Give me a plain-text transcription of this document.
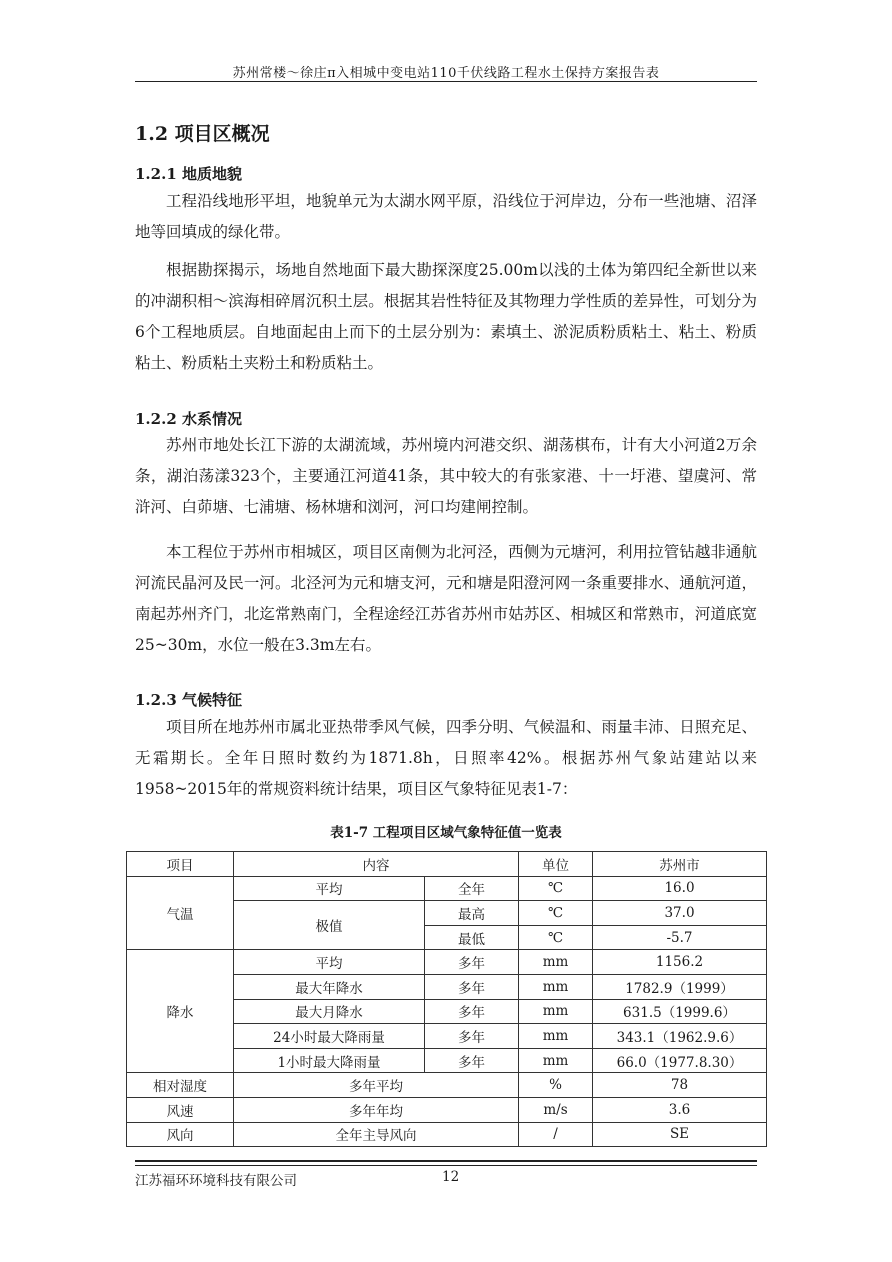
苏州常楼～徐庄π入相城中变电站110千伏线路工程水土保持方案报告表
1.2 项目区概况
1.2.1 地质地貌

工程沿线地形平坦，地貌单元为太湖水网平原，沿线位于河岸边，分布一些池塘、沼泽地等回填成的绿化带。

根据勘探揭示，场地自然地面下最大勘探深度25.00m以浅的土体为第四纪全新世以来的冲湖积相～滨海相碎屑沉积土层。根据其岩性特征及其物理力学性质的差异性，可划分为6个工程地质层。自地面起由上而下的土层分别为：素填土、淤泥质粉质粘土、粘土、粉质粘土、粉质粘土夹粉土和粉质粘土。

1.2.2 水系情况

苏州市地处长江下游的太湖流域，苏州境内河港交织、湖荡棋布，计有大小河道2万余条，湖泊荡漾323个，主要通江河道41条，其中较大的有张家港、十一圩港、望虞河、常浒河、白茆塘、七浦塘、杨林塘和浏河，河口均建闸控制。

本工程位于苏州市相城区，项目区南侧为北河泾，西侧为元塘河，利用拉管钻越非通航河流民晶河及民一河。北泾河为元和塘支河，元和塘是阳澄河网一条重要排水、通航河道，南起苏州齐门，北迄常熟南门，全程途经江苏省苏州市姑苏区、相城区和常熟市，河道底宽25~30m，水位一般在3.3m左右。

1.2.3 气候特征

项目所在地苏州市属北亚热带季风气候，四季分明、气候温和、雨量丰沛、日照充足、无霜期长。全年日照时数约为1871.8h，日照率42%。根据苏州气象站建站以来1958~2015年的常规资料统计结果，项目区气象特征见表1-7：

表1-7 工程项目区域气象特征值一览表
项目	内容		单位	苏州市
气温	平均	全年	℃	16.0
	极值	最高	℃	37.0
		最低	℃	-5.7
降水	平均	多年	mm	1156.2
	最大年降水	多年	mm	1782.9（1999）
	最大月降水	多年	mm	631.5（1999.6）
	24小时最大降雨量	多年	mm	343.1（1962.9.6）
	1小时最大降雨量	多年	mm	66.0（1977.8.30）
相对湿度	多年平均		%	78
风速	多年年均		m/s	3.6
风向	全年主导风向		/	SE
江苏福环环境科技有限公司	12
